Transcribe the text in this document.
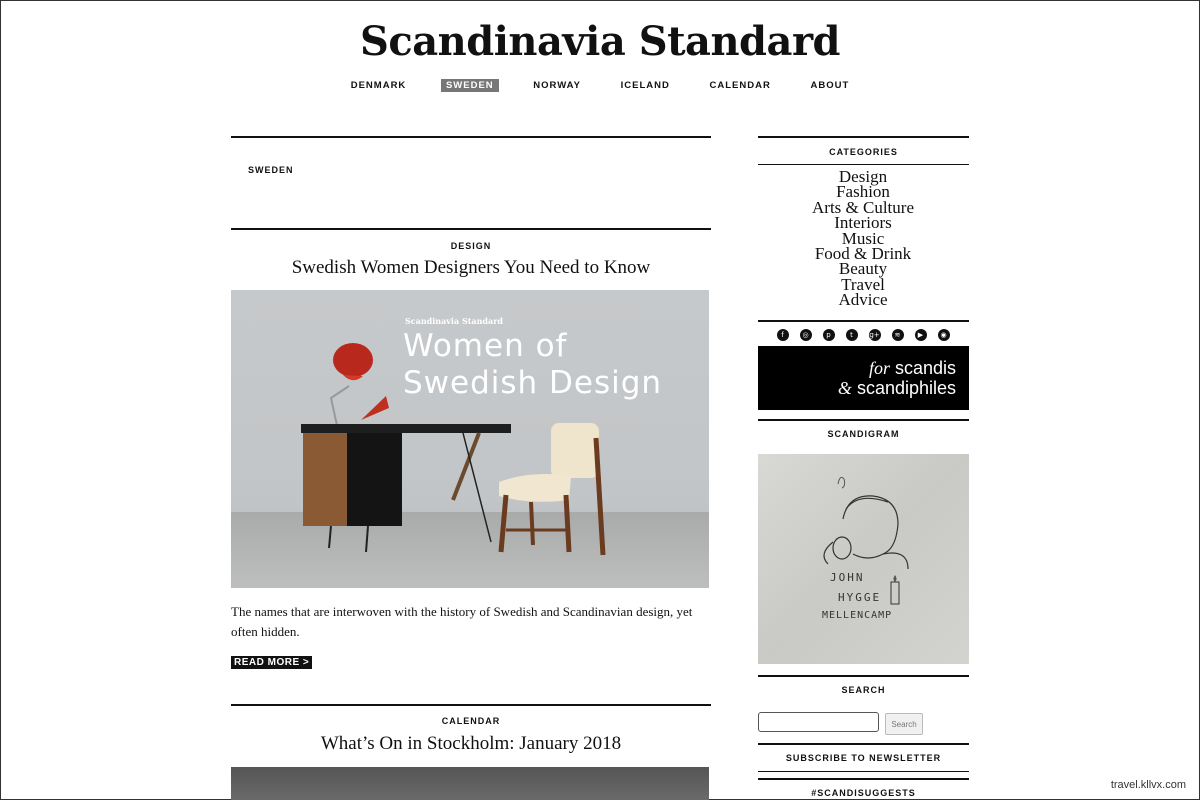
Scandinavia Standard
DENMARK	SWEDEN	NORWAY	ICELAND	CALENDAR	ABOUT
SWEDEN
DESIGN
Swedish Women Designers You Need to Know
Scandinavia Standard
Women of
Swedish Design
The names that are interwoven with the history of Swedish and Scandinavian design, yet often hidden.
READ MORE >
CALENDAR
What’s On in Stockholm: January 2018
CATEGORIES
Design
Fashion
Arts & Culture
Interiors
Music
Food & Drink
Beauty
Travel
Advice
f	◎	p	t	g+	≋	▶	◉
for scandis
& scandiphiles
SCANDIGRAM
JOHN
HYGGE
MELLENCAMP
SEARCH
Search
SUBSCRIBE TO NEWSLETTER
#SCANDISUGGESTS
travel.kllvx.com
